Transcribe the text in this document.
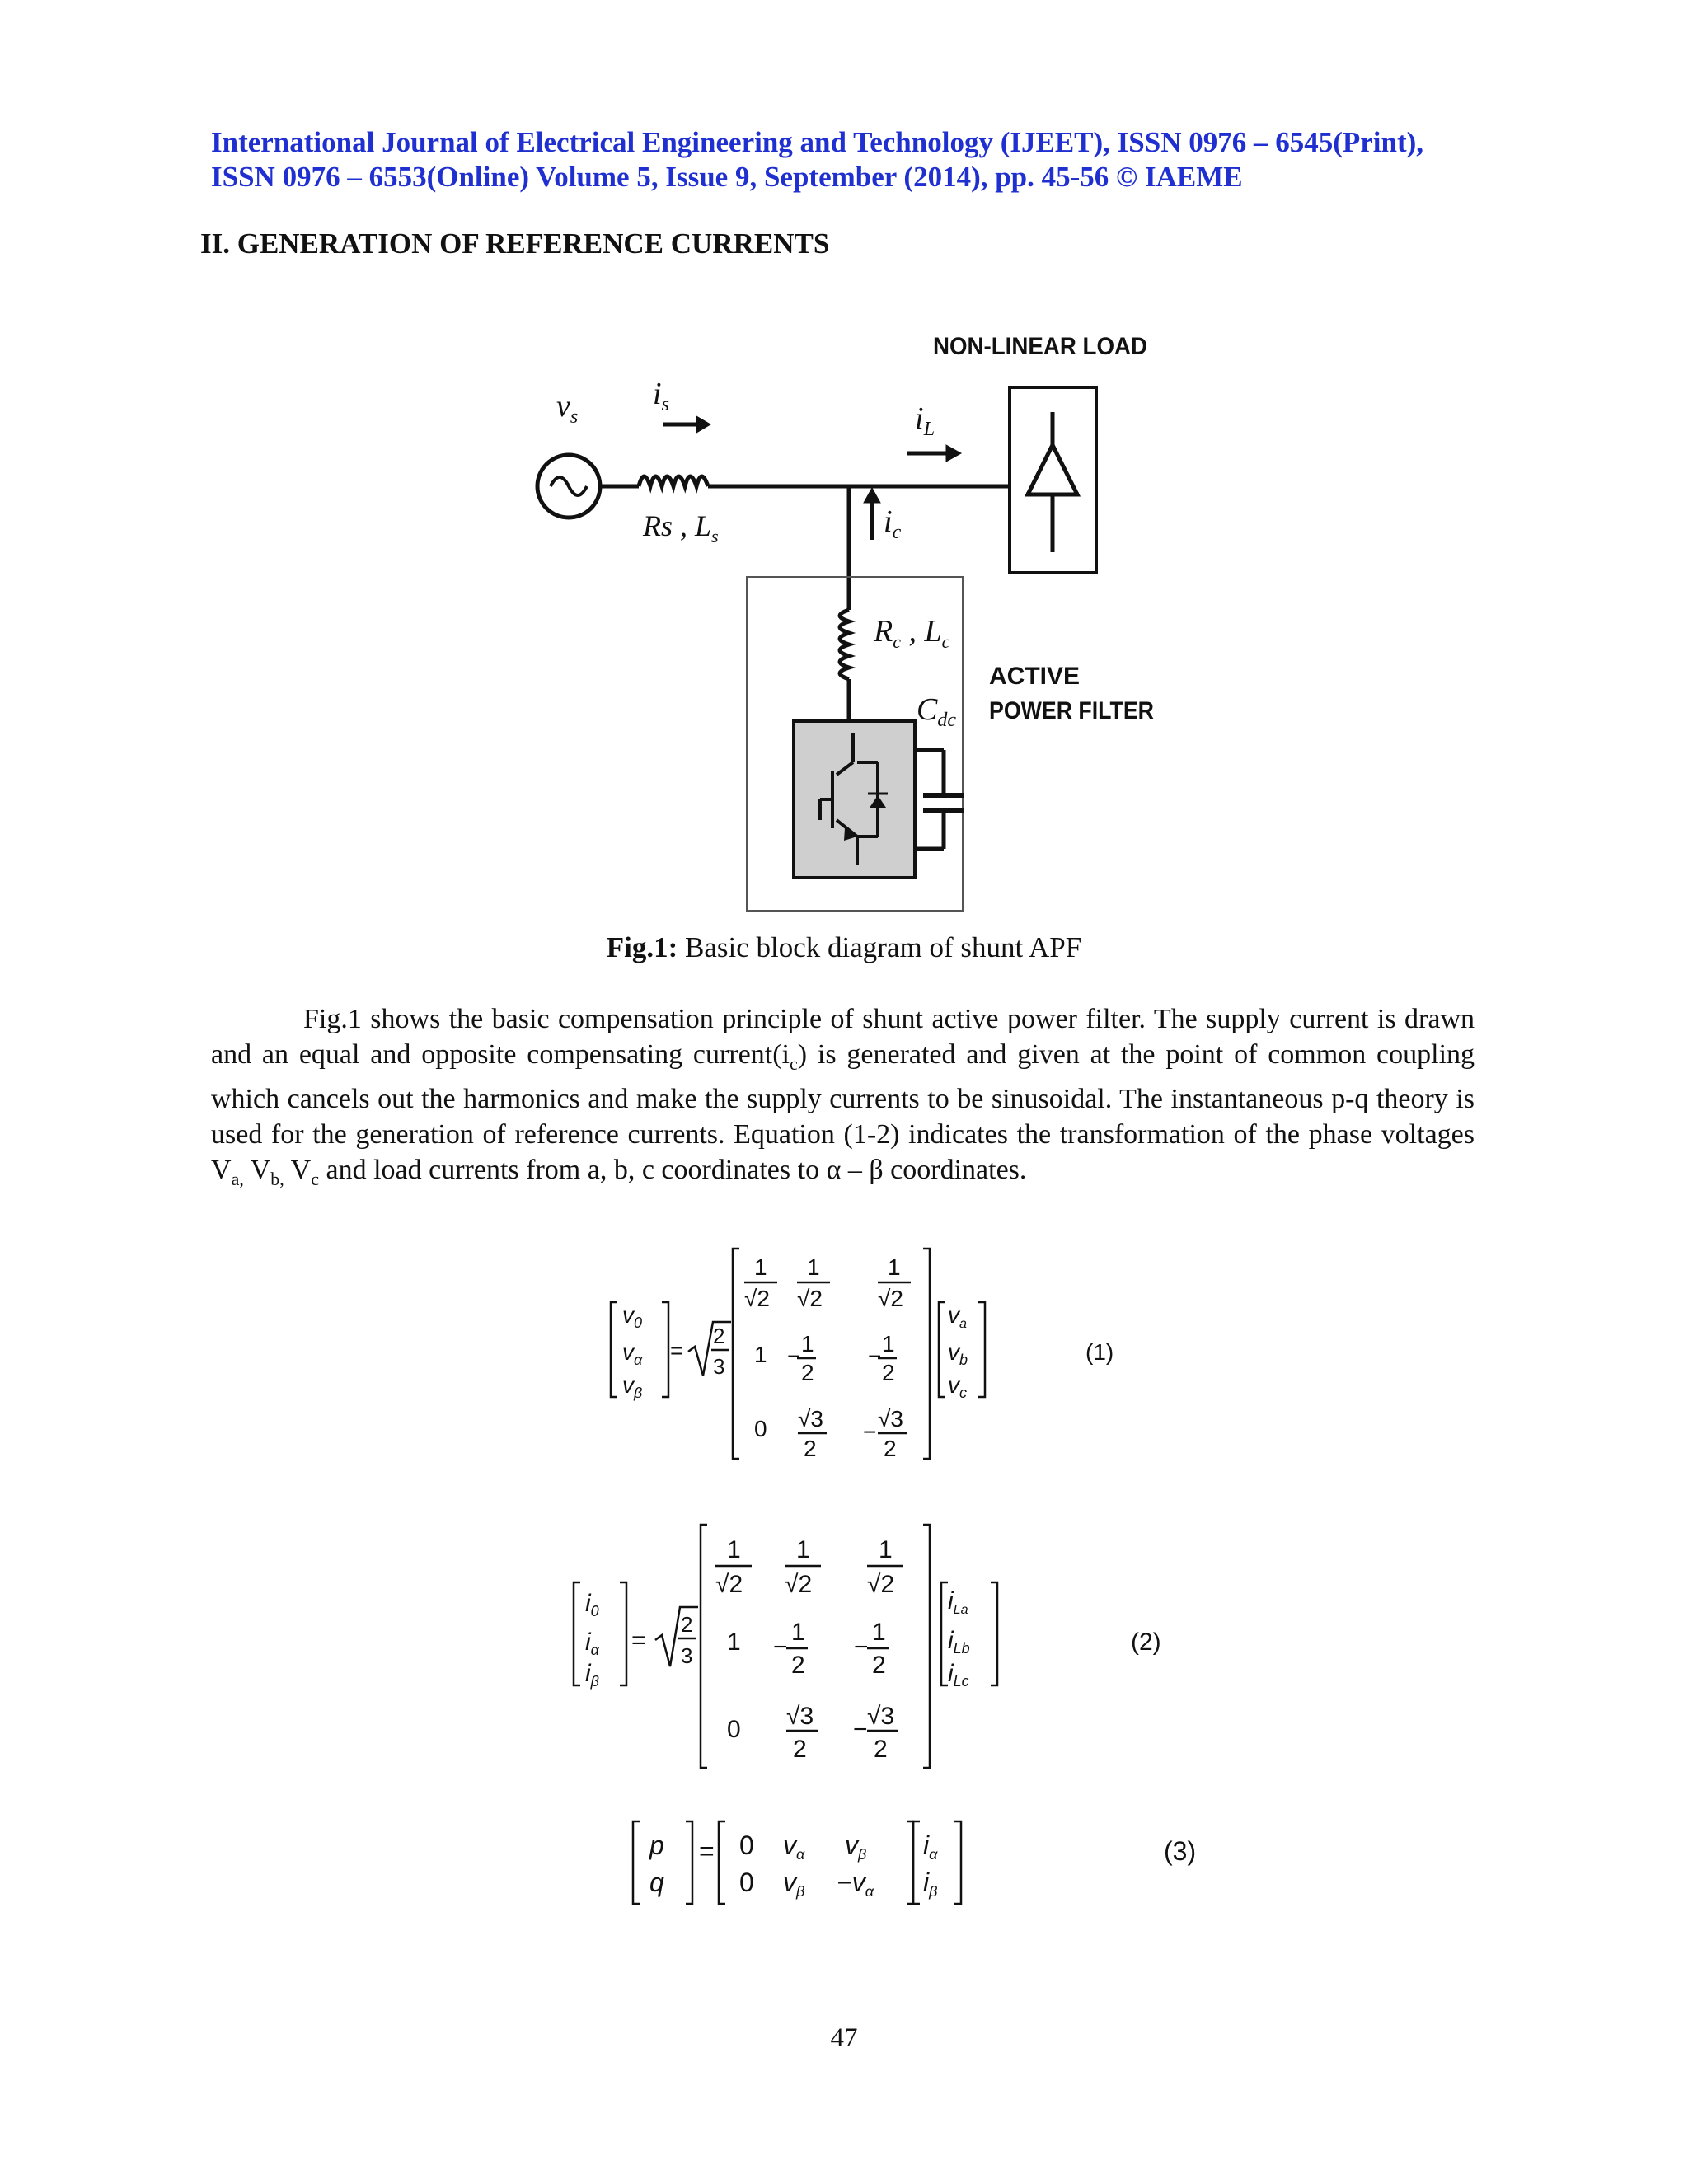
International Journal of Electrical Engineering and Technology (IJEET), ISSN 0976 – 6545(Print),
ISSN 0976 – 6553(Online) Volume 5, Issue 9, September (2014), pp. 45-56 © IAEME
II. GENERATION OF REFERENCE CURRENTS
$v_s$
$i_s$
Rs , $L_s$
$i_L$
$i_c$
$R_c$ , $L_c$
$C_{dc}$
NON-LINEAR LOAD
ACTIVE
POWER FILTER
Fig.1: Basic block diagram of shunt APF

Fig.1 shows the basic compensation principle of shunt active power filter. The supply current is drawn and an equal and opposite compensating $current(i_c)$ is generated and given at the point of common coupling which cancels out the harmonics and make the supply currents to be sinusoidal. The instantaneous p-q theory is used for the generation of reference currents. Equation (1-2) indicates the transformation of the phase voltages $V_{a,}$ $V_{b,}$ $V_c$ and load currents from a, b, c coordinates to α – β coordinates.

$v_0$
$v_\alpha$
$v_\beta$
=
2
3
1 1	1
√2 √2 √2
1 1
2
−	1
2
−
0 √3
2
√3
2
−
$v_a$
$v_b$
$v_c$
(1)
$i_0$
$i_\alpha$
$i_\beta$
=
2
3
1 1	1
√2 √2 √2
1 1
2
−
1
2
−
0 √3
2
√3
2
−
$i_{La}$
$i_{Lb}$
$i_{Lc}$
(2)
p
q
= 0
0
vα
vβ
vβ
−vα
iα
iβ
(3)
47
